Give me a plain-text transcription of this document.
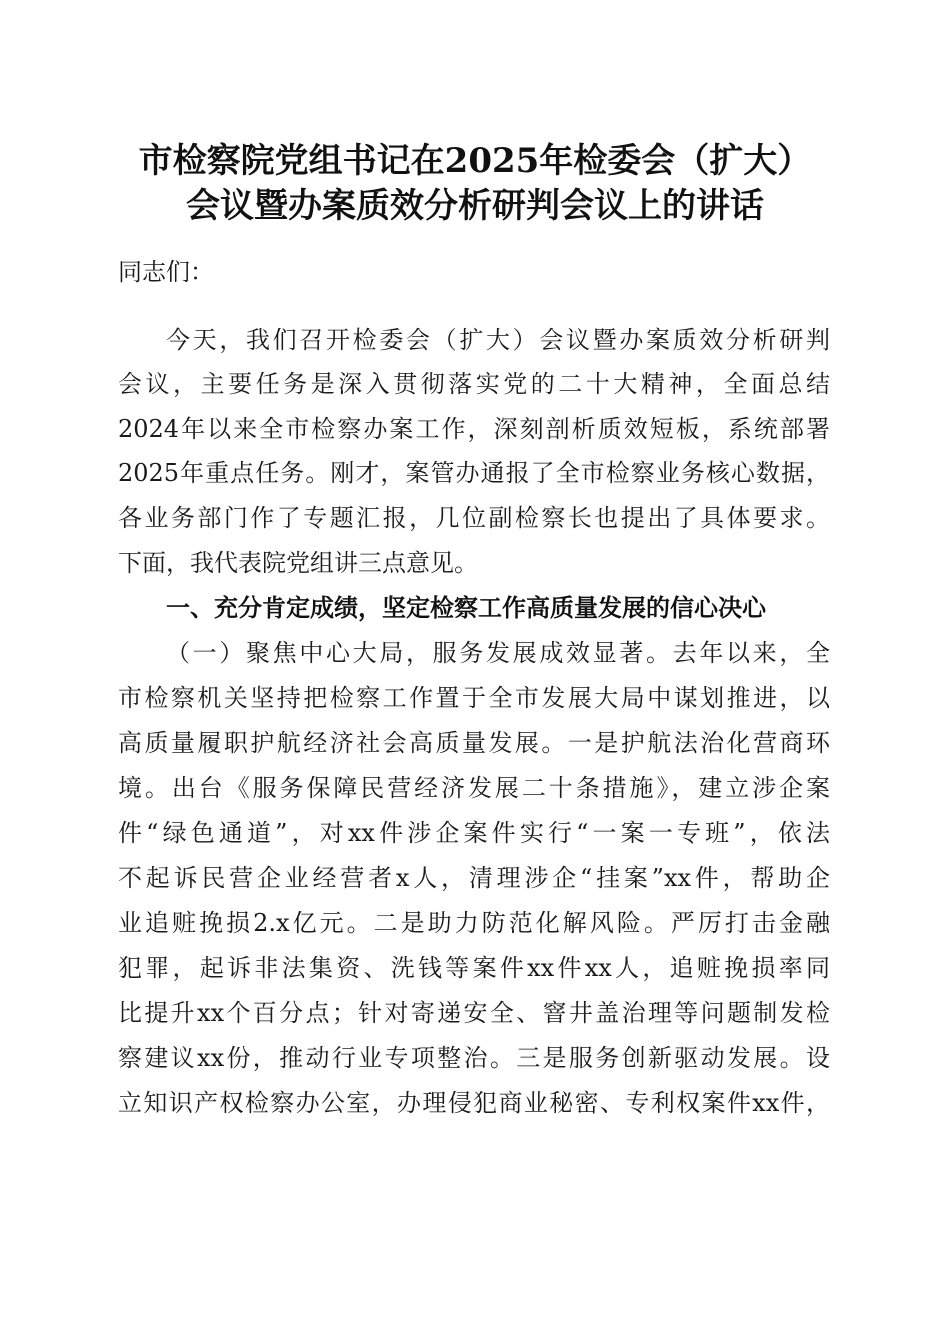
市检察院党组书记在2025年检委会（扩大）
会议暨办案质效分析研判会议上的讲话
同志们：
今天，我们召开检委会（扩大）会议暨办案质效分析研判
会议，主要任务是深入贯彻落实党的二十大精神，全面总结
2024年以来全市检察办案工作，深刻剖析质效短板，系统部署
2025年重点任务。刚才，案管办通报了全市检察业务核心数据，
各业务部门作了专题汇报，几位副检察长也提出了具体要求。
下面，我代表院党组讲三点意见。
一、充分肯定成绩，坚定检察工作高质量发展的信心决心
（一）聚焦中心大局，服务发展成效显著。去年以来，全
市检察机关坚持把检察工作置于全市发展大局中谋划推进，以
高质量履职护航经济社会高质量发展。一是护航法治化营商环
境。出台《服务保障民营经济发展二十条措施》，建立涉企案
件“绿色通道”，对xx件涉企案件实行“一案一专班”，依法
不起诉民营企业经营者x人，清理涉企“挂案”xx件，帮助企
业追赃挽损2.x亿元。二是助力防范化解风险。严厉打击金融
犯罪，起诉非法集资、洗钱等案件xx件xx人，追赃挽损率同
比提升xx个百分点；针对寄递安全、窨井盖治理等问题制发检
察建议xx份，推动行业专项整治。三是服务创新驱动发展。设
立知识产权检察办公室，办理侵犯商业秘密、专利权案件xx件，
